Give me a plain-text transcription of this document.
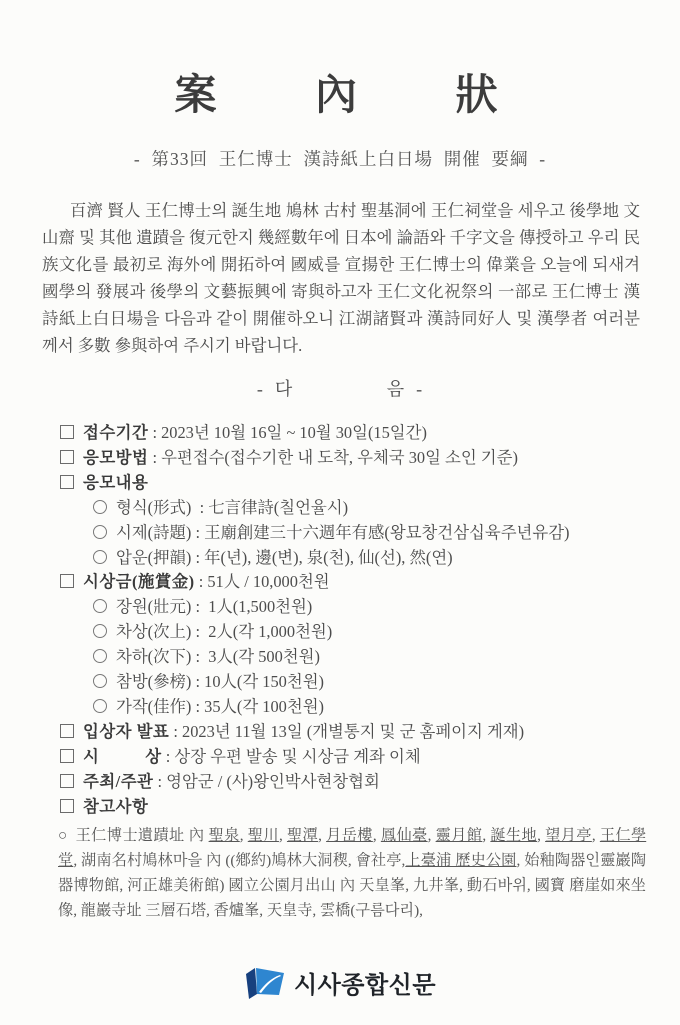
案 內 狀
-  第33回  王仁博士  漢詩紙上白日場  開催  要綱  -
百濟 賢人 王仁博士의 誕生地 鳩林 古村 聖基洞에 王仁祠堂을 세우고 後學地 文山齋 및 其他 遺蹟을 復元한지 幾經數年에 日本에 論語와 千字文을 傳授하고 우리 民族文化를 最初로 海外에 開拓하여 國威를 宣揚한 王仁博士의 偉業을 오늘에 되새겨 國學의 發展과 後學의 文藝振興에 寄與하고자 王仁文化祝祭의 一部로 王仁博士 漢詩紙上白日場을 다음과 같이 開催하오니 江湖諸賢과 漢詩同好人 및 漢學者 여러분께서 多數 參與하여 주시기 바랍니다.
-  다                 음  -
접수기간 : 2023년 10월 16일 ~ 10월 30일(15일간)
응모방법 : 우편접수(접수기한 내 도착, 우체국 30일 소인 기준)
응모내용
형식(形式)  : 七言律詩(칠언율시)
시제(詩題) : 王廟創建三十六週年有感(왕묘창건삼십육주년유감)
압운(押韻) : 年(년), 邊(변), 泉(천), 仙(선), 然(연)
시상금(施賞金) : 51人 / 10,000천원
장원(壯元) :  1人(1,500천원)
차상(次上) :  2人(각 1,000천원)
차하(次下) :  3人(각 500천원)
참방(參榜) : 10人(각 150천원)
가작(佳作) : 35人(각 100천원)
입상자 발표 : 2023년 11월 13일 (개별통지 및 군 홈페이지 게재)
시          상 : 상장 우편 발송 및 시상금 계좌 이체
주최/주관 : 영암군 / (사)왕인박사현창협회
참고사항
○ 王仁博士遺蹟址 內 聖泉, 聖川, 聖潭, 月岳樓, 鳳仙臺, 靈月館, 誕生地, 望月亭, 王仁學堂, 湖南名村鳩林마을 內 ((鄕約)鳩林大洞稧, 會社亭,上臺浦 歷史公園, 始釉陶器인靈巖陶器博物館, 河正雄美術館) 國立公園月出山 內 天皇峯, 九井峯, 動石바위, 國寶 磨崖如來坐像, 龍巖寺址 三層石塔, 香爐峯, 天皇寺, 雲橋(구름다리),
시사종합신문
